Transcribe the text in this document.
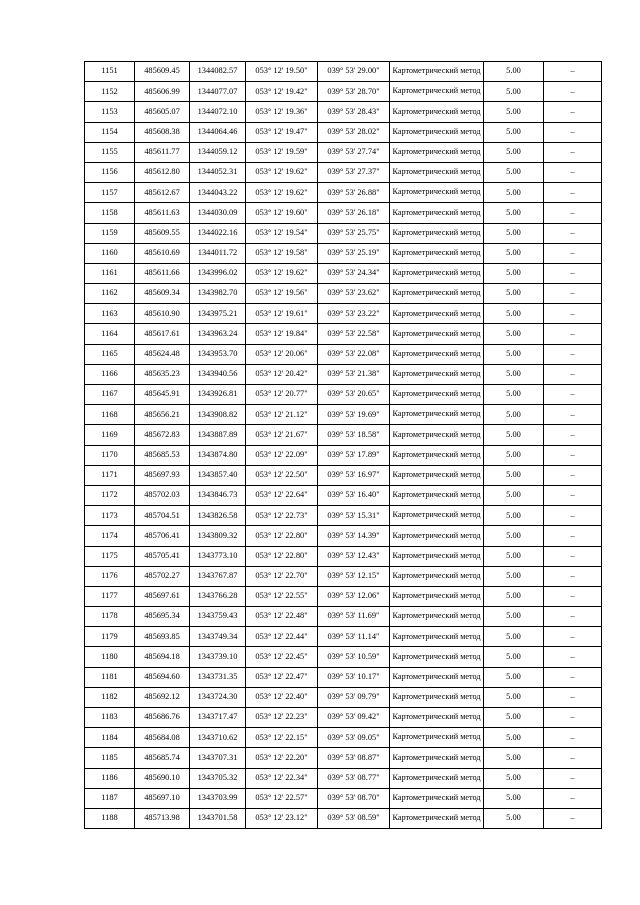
1151	485609.45	1344082.57	053° 12' 19.50"	039° 53' 29.00"	Картометрический метод	5.00	–
1152	485606.99	1344077.07	053° 12' 19.42"	039° 53' 28.70"	Картометрический метод	5.00	–
1153	485605.07	1344072.10	053° 12' 19.36"	039° 53' 28.43"	Картометрический метод	5.00	–
1154	485608.38	1344064.46	053° 12' 19.47"	039° 53' 28.02"	Картометрический метод	5.00	–
1155	485611.77	1344059.12	053° 12' 19.59"	039° 53' 27.74"	Картометрический метод	5.00	–
1156	485612.80	1344052.31	053° 12' 19.62"	039° 53' 27.37"	Картометрический метод	5.00	–
1157	485612.67	1344043.22	053° 12' 19.62"	039° 53' 26.88"	Картометрический метод	5.00	–
1158	485611.63	1344030.09	053° 12' 19.60"	039° 53' 26.18"	Картометрический метод	5.00	–
1159	485609.55	1344022.16	053° 12' 19.54"	039° 53' 25.75"	Картометрический метод	5.00	–
1160	485610.69	1344011.72	053° 12' 19.58"	039° 53' 25.19"	Картометрический метод	5.00	–
1161	485611.66	1343996.02	053° 12' 19.62"	039° 53' 24.34"	Картометрический метод	5.00	–
1162	485609.34	1343982.70	053° 12' 19.56"	039° 53' 23.62"	Картометрический метод	5.00	–
1163	485610.90	1343975.21	053° 12' 19.61"	039° 53' 23.22"	Картометрический метод	5.00	–
1164	485617.61	1343963.24	053° 12' 19.84"	039° 53' 22.58"	Картометрический метод	5.00	–
1165	485624.48	1343953.70	053° 12' 20.06"	039° 53' 22.08"	Картометрический метод	5.00	–
1166	485635.23	1343940.56	053° 12' 20.42"	039° 53' 21.38"	Картометрический метод	5.00	–
1167	485645.91	1343926.81	053° 12' 20.77"	039° 53' 20.65"	Картометрический метод	5.00	–
1168	485656.21	1343908.82	053° 12' 21.12"	039° 53' 19.69"	Картометрический метод	5.00	–
1169	485672.83	1343887.89	053° 12' 21.67"	039° 53' 18.58"	Картометрический метод	5.00	–
1170	485685.53	1343874.80	053° 12' 22.09"	039° 53' 17.89"	Картометрический метод	5.00	–
1171	485697.93	1343857.40	053° 12' 22.50"	039° 53' 16.97"	Картометрический метод	5.00	–
1172	485702.03	1343846.73	053° 12' 22.64"	039° 53' 16.40"	Картометрический метод	5.00	–
1173	485704.51	1343826.58	053° 12' 22.73"	039° 53' 15.31"	Картометрический метод	5.00	–
1174	485706.41	1343809.32	053° 12' 22.80"	039° 53' 14.39"	Картометрический метод	5.00	–
1175	485705.41	1343773.10	053° 12' 22.80"	039° 53' 12.43"	Картометрический метод	5.00	–
1176	485702.27	1343767.87	053° 12' 22.70"	039° 53' 12.15"	Картометрический метод	5.00	–
1177	485697.61	1343766.28	053° 12' 22.55"	039° 53' 12.06"	Картометрический метод	5.00	–
1178	485695.34	1343759.43	053° 12' 22.48"	039° 53' 11.69"	Картометрический метод	5.00	–
1179	485693.85	1343749.34	053° 12' 22.44"	039° 53' 11.14"	Картометрический метод	5.00	–
1180	485694.18	1343739.10	053° 12' 22.45"	039° 53' 10.59"	Картометрический метод	5.00	–
1181	485694.60	1343731.35	053° 12' 22.47"	039° 53' 10.17"	Картометрический метод	5.00	–
1182	485692.12	1343724.30	053° 12' 22.40"	039° 53' 09.79"	Картометрический метод	5.00	–
1183	485686.76	1343717.47	053° 12' 22.23"	039° 53' 09.42"	Картометрический метод	5.00	–
1184	485684.08	1343710.62	053° 12' 22.15"	039° 53' 09.05"	Картометрический метод	5.00	–
1185	485685.74	1343707.31	053° 12' 22.20"	039° 53' 08.87"	Картометрический метод	5.00	–
1186	485690.10	1343705.32	053° 12' 22.34"	039° 53' 08.77"	Картометрический метод	5.00	–
1187	485697.10	1343703.99	053° 12' 22.57"	039° 53' 08.70"	Картометрический метод	5.00	–
1188	485713.98	1343701.58	053° 12' 23.12"	039° 53' 08.59"	Картометрический метод	5.00	–
